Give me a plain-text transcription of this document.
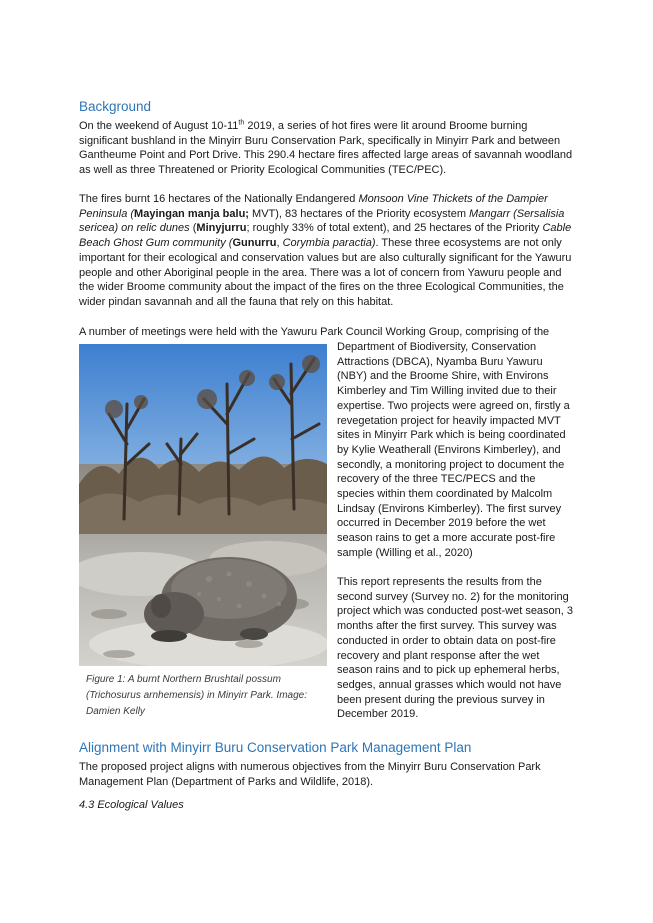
Background

On the weekend of August 10-11th 2019, a series of hot fires were lit around Broome burning significant bushland in the Minyirr Buru Conservation Park, specifically in Minyirr Park and between Gantheume Point and Port Drive. This 290.4 hectare fires affected large areas of savannah woodland as well as three Threatened or Priority Ecological Communities (TEC/PEC).

The fires burnt 16 hectares of the Nationally Endangered Monsoon Vine Thickets of the Dampier Peninsula (Mayingan manja balu; MVT), 83 hectares of the Priority ecosystem Mangarr (Sersalisia sericea) on relic dunes (Minyjurru; roughly 33% of total extent), and 25 hectares of the Priority Cable Beach Ghost Gum community (Gunurru, Corymbia paractia). These three ecosystems are not only important for their ecological and conservation values but are also culturally significant for the Yawuru people and other Aboriginal people in the area. There was a lot of concern from Yawuru people and the wider Broome community about the impact of the fires on the three Ecological Communities, the wider pindan savannah and all the fauna that rely on this habitat.

A number of meetings were held with the Yawuru Park Council Working Group, comprising of the

Figure 1: A burnt Northern Brushtail possum (Trichosurus arnhemensis) in Minyirr Park. Image: Damien Kelly

Department of Biodiversity, Conservation Attractions (DBCA), Nyamba Buru Yawuru (NBY) and the Broome Shire, with Environs Kimberley and Tim Willing invited due to their expertise. Two projects were agreed on, firstly a revegetation project for heavily impacted MVT sites in Minyirr Park which is being coordinated by Kylie Weatherall (Environs Kimberley), and secondly, a monitoring project to document the recovery of the three TEC/PECS and the species within them coordinated by Malcolm Lindsay (Environs Kimberley). The first survey occurred in December 2019 before the wet season rains to get a more accurate post-fire sample (Willing et al., 2020)

This report represents the results from the second survey (Survey no. 2) for the monitoring project which was conducted post-wet season, 3 months after the first survey. This survey was conducted in order to obtain data on post-fire recovery and plant response after the wet season rains and to pick up ephemeral herbs, sedges, annual grasses which would not have been present during the previous survey in December 2019.

Alignment with Minyirr Buru Conservation Park Management Plan

The proposed project aligns with numerous objectives from the Minyirr Buru Conservation Park Management Plan (Department of Parks and Wildlife, 2018).

4.3 Ecological Values
